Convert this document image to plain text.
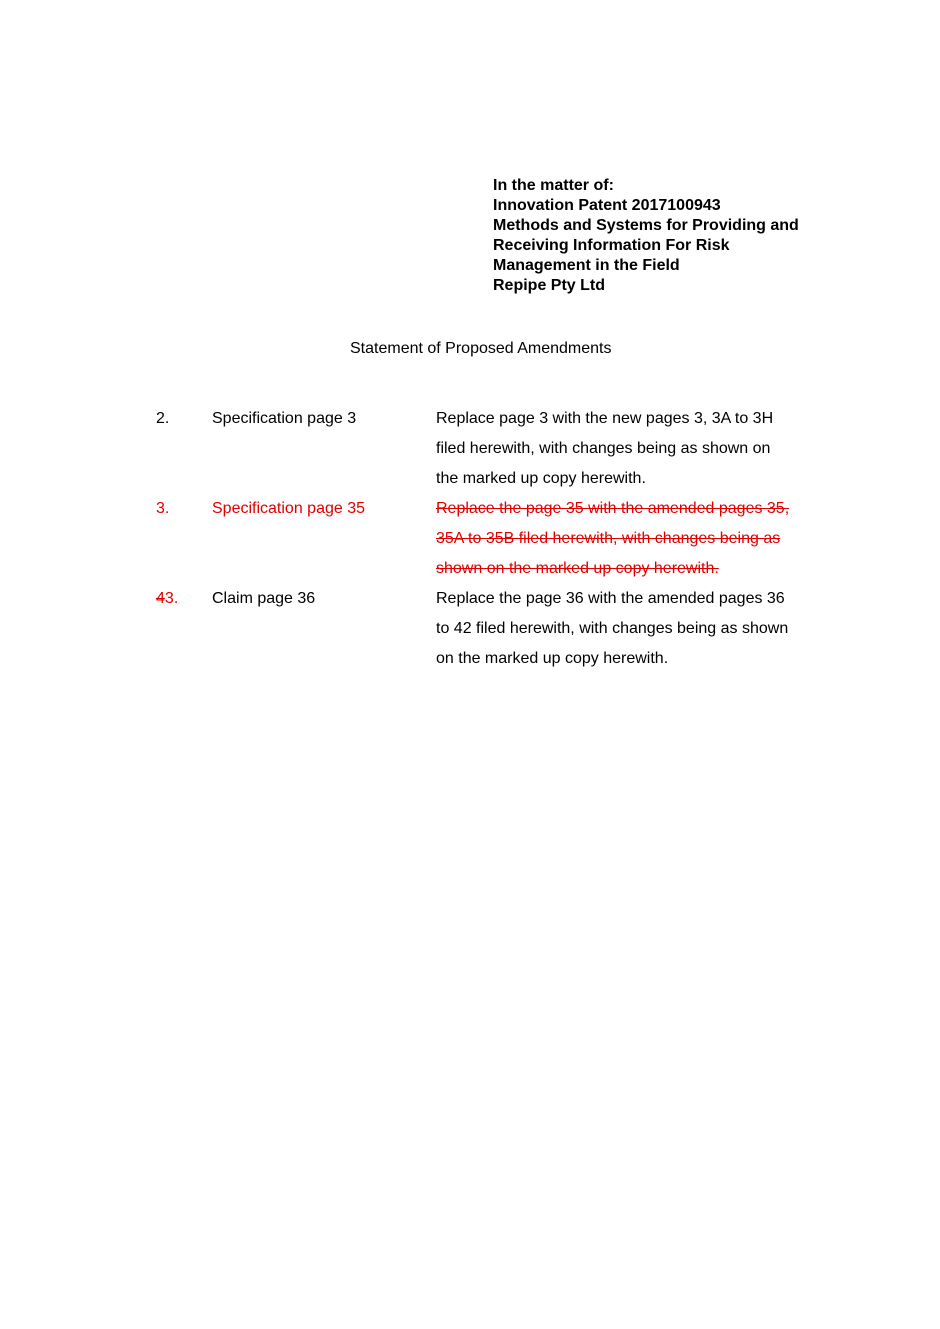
In the matter of:
Innovation Patent 2017100943
Methods and Systems for Providing and
Receiving Information For Risk
Management in the Field
Repipe Pty Ltd
Statement of Proposed Amendments
2.	Specification page 3	Replace page 3 with the new pages 3, 3A to 3H
filed herewith, with changes being as shown on
the marked up copy herewith.
3.	Specification page 35	Replace the page 35 with the amended pages 35,
35A to 35B filed herewith, with changes being as
shown on the marked up copy herewith.
43.	Claim page 36	Replace the page 36 with the amended pages 36
to 42 filed herewith, with changes being as shown
on the marked up copy herewith.
